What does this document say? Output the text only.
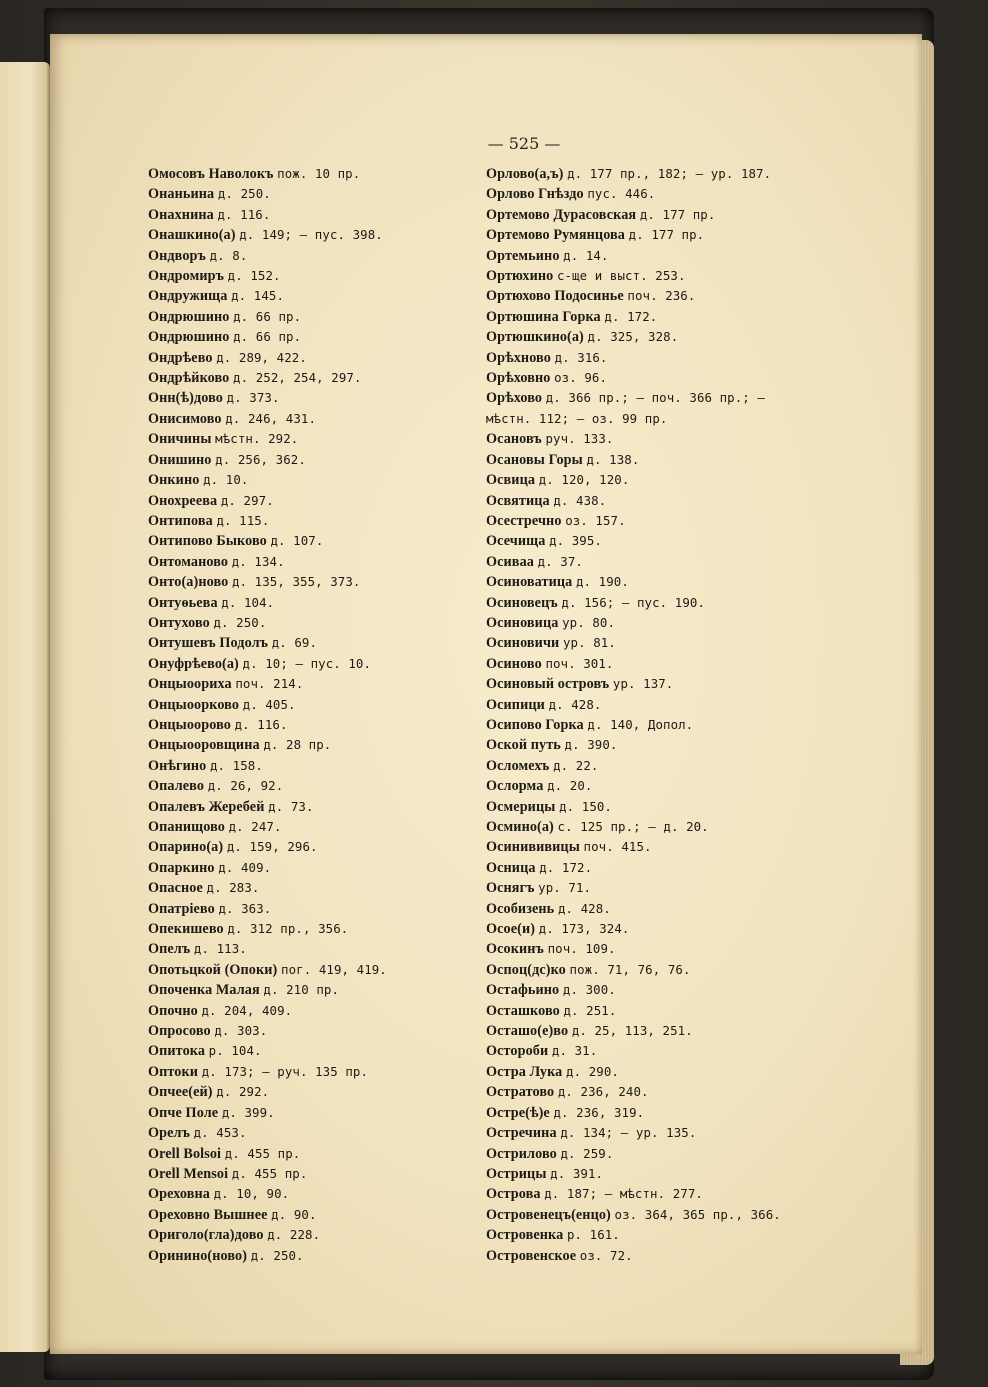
— 525 —
Омосовъ Наволокъ пож. 10 пр.
Онаньина д. 250.
Онахнина д. 116.
Онашкино(а) д. 149; — пус. 398.
Ондворъ д. 8.
Ондромиръ д. 152.
Ондружища д. 145.
Ондрюшино д. 66 пр.
Ондрюшино д. 66 пр.
Ондрѣево д. 289, 422.
Ондрѣйково д. 252, 254, 297.
Онн(ѣ)дово д. 373.
Онисимово д. 246, 431.
Оничины мѣстн. 292.
Онишино д. 256, 362.
Онкино д. 10.
Онохреева д. 297.
Онтипова д. 115.
Онтипово Быково д. 107.
Онтоманово д. 134.
Онто(а)ново д. 135, 355, 373.
Онтуѳьева д. 104.
Онтухово д. 250.
Онтушевъ Подолъ д. 69.
Онуфрѣево(а) д. 10; — пус. 10.
Онцыооpиха поч. 214.
Онцыоорково д. 405.
Онцыоорово д. 116.
Онцыооровщина д. 28 пр.
Онѣгино д. 158.
Опалево д. 26, 92.
Опалевъ Жеребей д. 73.
Опанищово д. 247.
Опарино(а) д. 159, 296.
Опаркино д. 409.
Опасное д. 283.
Опатріево д. 363.
Опекишево д. 312 пр., 356.
Опелъ д. 113.
Опотьцкой (Опоки) пог. 419, 419.
Опоченка Малая д. 210 пр.
Опочно д. 204, 409.
Опросово д. 303.
Опитока р. 104.
Оптоки д. 173; — руч. 135 пр.
Опчее(ей) д. 292.
Опче Поле д. 399.
Орелъ д. 453.
Orell Bolsoi д. 455 пр.
Orell Mensoi д. 455 пр.
Ореховна д. 10, 90.
Ореховно Вышнее д. 90.
Ориголо(гла)дово д. 228.
Оринино(ново) д. 250.
Орлово(а,ъ) д. 177 пр., 182; — ур. 187.
Орлово Гнѣздо пус. 446.
Ортемово Дурасовская д. 177 пр.
Ортемово Румянцова д. 177 пр.
Ортемьино д. 14.
Ортюхино с-ще и выст. 253.
Ортюхово Подосинье поч. 236.
Ортюшина Горка д. 172.
Ортюшкино(а) д. 325, 328.
Орѣхново д. 316.
Орѣховно оз. 96.
Орѣхово д. 366 пр.; — поч. 366 пр.; —
мѣстн. 112; — оз. 99 пр.
Осановъ руч. 133.
Осановы Горы д. 138.
Освица д. 120, 120.
Освятица д. 438.
Осестречно оз. 157.
Осечища д. 395.
Осиваа д. 37.
Осиноватица д. 190.
Осиновецъ д. 156; — пус. 190.
Осиновица ур. 80.
Осиновичи ур. 81.
Осиново поч. 301.
Осиновый островъ ур. 137.
Осипици д. 428.
Осипово Горка д. 140, Допол.
Оской путь д. 390.
Осломехъ д. 22.
Ослорма д. 20.
Осмерицы д. 150.
Осмино(а) с. 125 пр.; — д. 20.
Осинививицы поч. 415.
Осница д. 172.
Оснягъ ур. 71.
Особизень д. 428.
Осое(и) д. 173, 324.
Осокинъ поч. 109.
Оспоц(дс)ко пож. 71, 76, 76.
Остафьино д. 300.
Осташково д. 251.
Осташо(е)во д. 25, 113, 251.
Остороби д. 31.
Остра Лука д. 290.
Остратово д. 236, 240.
Остре(ѣ)е д. 236, 319.
Остречина д. 134; — ур. 135.
Острилово д. 259.
Острицы д. 391.
Острова д. 187; — мѣстн. 277.
Островенецъ(енцо) оз. 364, 365 пр., 366.
Островенка р. 161.
Островенское оз. 72.
